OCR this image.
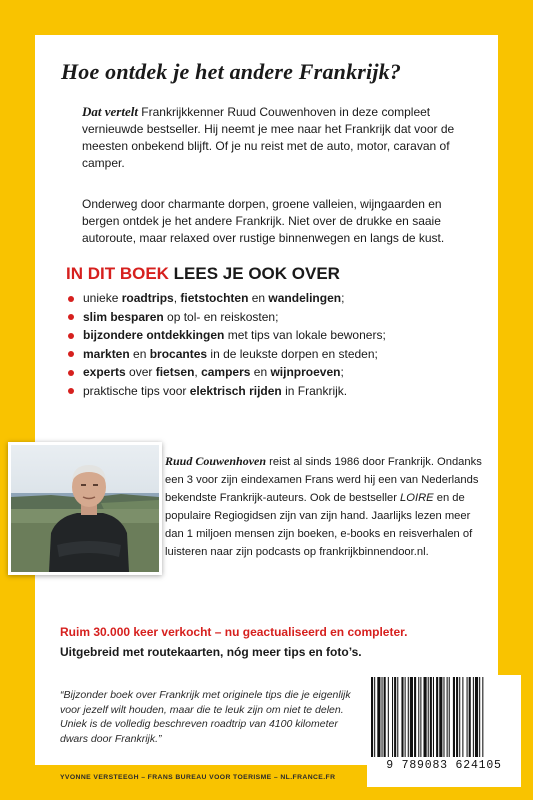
Hoe ontdek je het andere Frankrijk?
Dat vertelt Frankrijkkenner Ruud Couwenhoven in deze compleet vernieuwde bestseller. Hij neemt je mee naar het Frankrijk dat voor de meesten onbekend blijft. Of je nu reist met de auto, motor, caravan of camper.
Onderweg door charmante dorpen, groene valleien, wijngaarden en bergen ontdek je het andere Frankrijk. Niet over de drukke en saaie autoroute, maar relaxed over rustige binnenwegen en langs de kust.
IN DIT BOEK LEES JE OOK OVER
unieke roadtrips, fietstochten en wandelingen;
slim besparen op tol- en reiskosten;
bijzondere ontdekkingen met tips van lokale bewoners;
markten en brocantes in de leukste dorpen en steden;
experts over fietsen, campers en wijnproeven;
praktische tips voor elektrisch rijden in Frankrijk.
Ruud Couwenhoven reist al sinds 1986 door Frankrijk. Ondanks een 3 voor zijn eindexamen Frans werd hij een van Nederlands bekendste Frankrijk-auteurs. Ook de bestseller LOIRE en de populaire Regiogidsen zijn van zijn hand. Jaarlijks lezen meer dan 1 miljoen mensen zijn boeken, e-books en reisverhalen of luisteren naar zijn podcasts op frankrijkbinnendoor.nl.
Ruim 30.000 keer verkocht – nu geactualiseerd en completer.
Uitgebreid met routekaarten, nóg meer tips en foto’s.
“Bijzonder boek over Frankrijk met originele tips die je eigenlijk voor jezelf wilt houden, maar die te leuk zijn om niet te delen. Uniek is de volledig beschreven roadtrip van 4100 kilometer dwars door Frankrijk.”
YVONNE VERSTEEGH – FRANS BUREAU VOOR TOERISME – NL.FRANCE.FR
9 789083 624105
